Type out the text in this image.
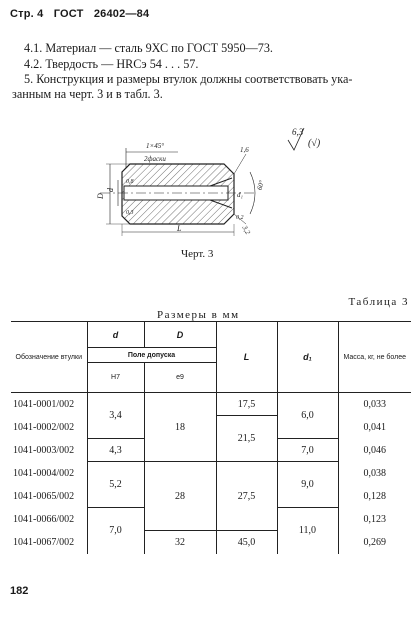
Стр. 4 ГОСТ 26402—84
4.1. Материал — сталь 9ХС по ГОСТ 5950—73.
4.2. Твердость — HRCэ 54 . . . 57.
5. Конструкция и размеры втулок должны соответствовать ука-
занным на черт. 3 и в табл. 3.
1×45°
2фаски
6,3
(√)
D
d
0,8
0,3
d₁
60°
1,6
0,2
3,2
L
Черт. 3
Таблица 3
Размеры в мм
Обозначение втулки	d	D	L	d₁	Масса, кг, не более
	Поле допуска				
	H7	e9			
1041-0001/002	3,4	18	17,5	6,0	0,033
1041-0002/002			21,5		0,041
1041-0003/002	4,3			7,0	0,046
1041-0004/002	5,2	28	27,5	9,0	0,038
1041-0065/002					0,128
1041-0066/002	7,0			11,0	0,123
1041-0067/002		32	45,0		0,269
182
